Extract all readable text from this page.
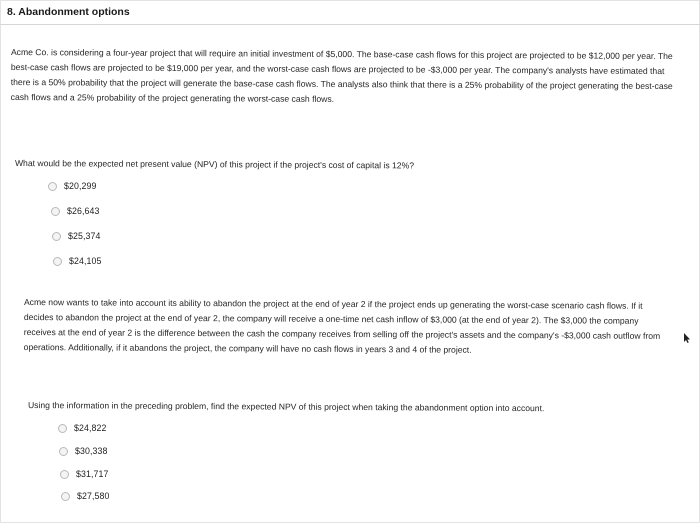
8. Abandonment options
Acme Co. is considering a four-year project that will require an initial investment of $5,000. The base-case cash flows for this project are projected to be $12,000 per year. The best-case cash flows are projected to be $19,000 per year, and the worst-case cash flows are projected to be -$3,000 per year. The company's analysts have estimated that there is a 50% probability that the project will generate the base-case cash flows. The analysts also think that there is a 25% probability of the project generating the best-case cash flows and a 25% probability of the project generating the worst-case cash flows.
What would be the expected net present value (NPV) of this project if the project's cost of capital is 12%?
$20,299
$26,643
$25,374
$24,105
Acme now wants to take into account its ability to abandon the project at the end of year 2 if the project ends up generating the worst-case scenario cash flows. If it decides to abandon the project at the end of year 2, the company will receive a one-time net cash inflow of $3,000 (at the end of year 2). The $3,000 the company receives at the end of year 2 is the difference between the cash the company receives from selling off the project's assets and the company's -$3,000 cash outflow from operations. Additionally, if it abandons the project, the company will have no cash flows in years 3 and 4 of the project.
Using the information in the preceding problem, find the expected NPV of this project when taking the abandonment option into account.
$24,822
$30,338
$31,717
$27,580
